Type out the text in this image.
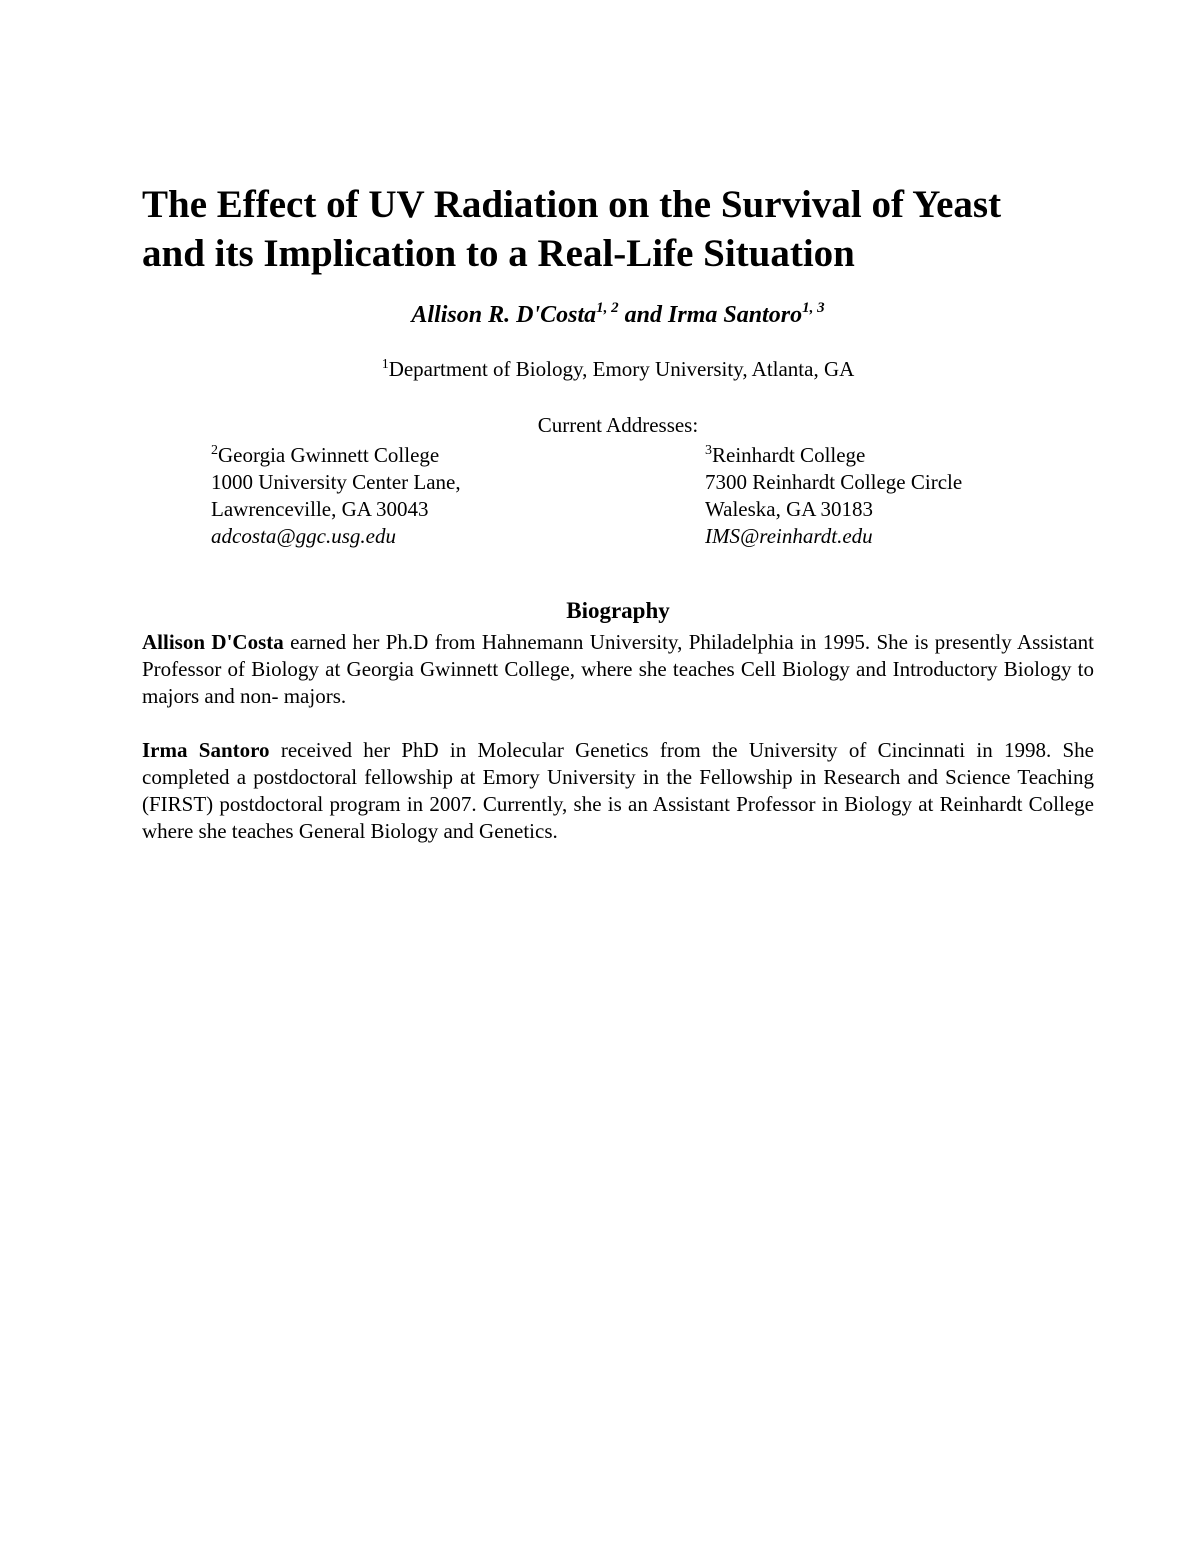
The Effect of UV Radiation on the Survival of Yeast
and its Implication to a Real-Life Situation
Allison R. D'Costa$^{1, 2}$ and Irma Santoro$^{1, 3}$
$^1$Department of Biology, Emory University, Atlanta, GA
Current Addresses:
$^2$Georgia Gwinnett College
1000 University Center Lane,
Lawrenceville, GA 30043
adcosta@ggc.usg.edu
$^3$Reinhardt College
7300 Reinhardt College Circle
Waleska, GA 30183
IMS@reinhardt.edu
Biography

Allison D'Costa earned her Ph.D from Hahnemann University, Philadelphia in 1995. She is presently Assistant Professor of Biology at Georgia Gwinnett College, where she teaches Cell Biology and Introductory Biology to majors and non- majors.

Irma Santoro received her PhD in Molecular Genetics from the University of Cincinnati in 1998. She completed a postdoctoral fellowship at Emory University in the Fellowship in Research and Science Teaching (FIRST) postdoctoral program in 2007. Currently, she is an Assistant Professor in Biology at Reinhardt College where she teaches General Biology and Genetics.
